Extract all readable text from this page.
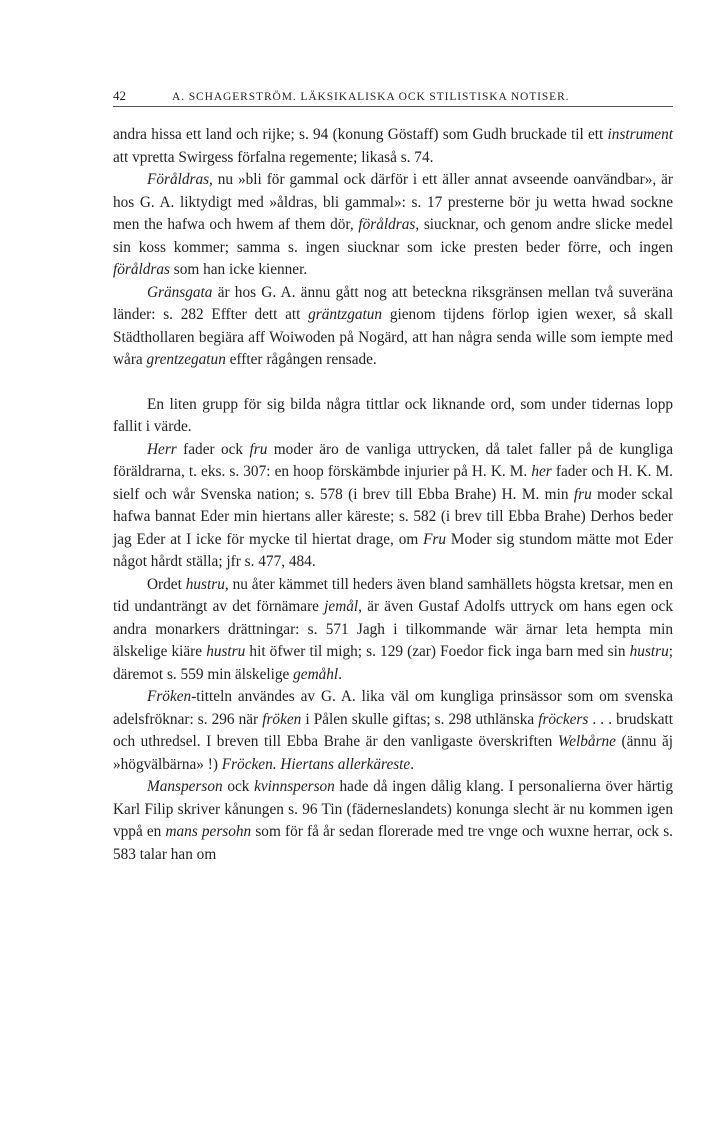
42	A. SCHAGERSTRÖM. LÄKSIKALISKA OCK STILISTISKA NOTISER.

andra hissa ett land och rijke; s. 94 (konung Göstaff) som Gudh bruckade til ett instrument att vpretta Swirgess förfalna regemente; likaså s. 74.

Föråldras, nu »bli för gammal ock därför i ett äller annat avseende oanvändbar», är hos G. A. liktydigt med »åldras, bli gammal»: s. 17 presterne bör ju wetta hwad sockne men the hafwa och hwem af them dör, föråldras, siucknar, och genom andre slicke medel sin koss kommer; samma s. ingen siucknar som icke presten beder förre, och ingen föråldras som han icke kienner.

Gränsgata är hos G. A. ännu gått nog att beteckna riksgränsen mellan två suveräna länder: s. 282 Effter dett att gräntzgatun gienom tijdens förlop igien wexer, så skall Städthollaren begiära aff Woiwoden på Nogärd, att han några senda wille som iempte med wåra grentzegatun effter rågången rensade.

En liten grupp för sig bilda några tittlar ock liknande ord, som under tidernas lopp fallit i värde.

Herr fader ock fru moder äro de vanliga uttrycken, då talet faller på de kungliga föräldrarna, t. eks. s. 307: en hoop förskämbde injurier på H. K. M. her fader och H. K. M. sielf och wår Svenska nation; s. 578 (i brev till Ebba Brahe) H. M. min fru moder sckal hafwa bannat Eder min hiertans aller käreste; s. 582 (i brev till Ebba Brahe) Derhos beder jag Eder at I icke för mycke til hiertat drage, om Fru Moder sig stundom mätte mot Eder något hårdt ställa; jfr s. 477, 484.

Ordet hustru, nu åter kämmet till heders även bland samhällets högsta kretsar, men en tid undanträngt av det förnämare jemål, är även Gustaf Adolfs uttryck om hans egen ock andra monarkers drättningar: s. 571 Jagh i tilkommande wär ärnar leta hempta min älskelige kiäre hustru hit öfwer til migh; s. 129 (zar) Foedor fick inga barn med sin hustru; däremot s. 559 min älskelige gemåhl.

Fröken-titteln användes av G. A. lika väl om kungliga prinsässor som om svenska adelsfröknar: s. 296 när fröken i Pålen skulle giftas; s. 298 uthlänska fröckers . . . brudskatt och uthredsel. I breven till Ebba Brahe är den vanligaste överskriften Welbårne (ännu ăj »högvälbärna» !) Fröcken. Hiertans allerkäreste.

Mansperson ock kvinnsperson hade då ingen dålig klang. I personalierna över härtig Karl Filip skriver kånungen s. 96 Tin (fäderneslandets) konunga slecht är nu kommen igen vppå en mans persohn som för få år sedan florerade med tre vnge och wuxne herrar, ock s. 583 talar han om
